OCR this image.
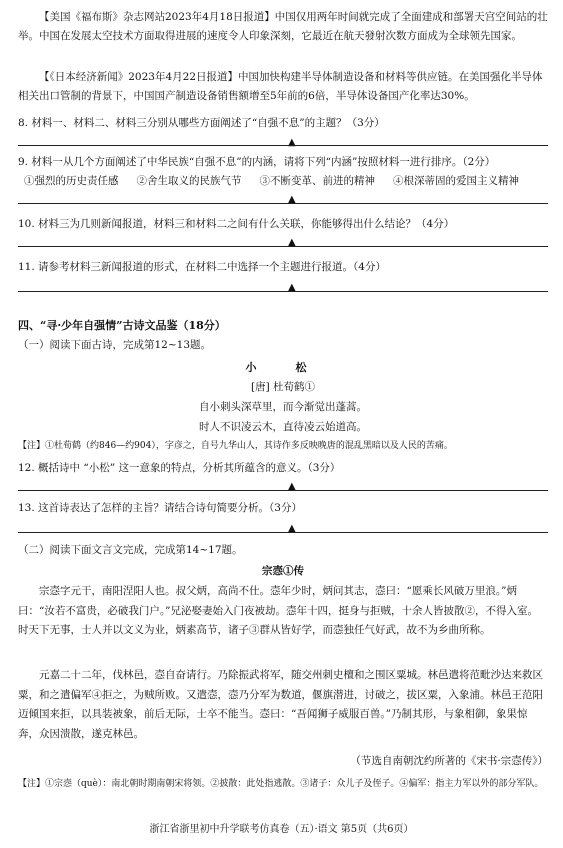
【美国《福布斯》杂志网站2023年4月18日报道】中国仅用两年时间就完成了全面建成和部署天宫空间站的壮举。中国在发展太空技术方面取得进展的速度令人印象深刻，它最近在航天發射次数方面成为全球领先国家。

【《日本经济新闻》2023年4月22日报道】中国加快构建半导体制造设备和材料等供应链。在美国强化半导体相关出口管制的背景下，中国国产制造设备销售额增至5年前的6倍，半导体设备国产化率达30%。

8. 材料一、材料二、材料三分别从哪些方面阐述了“自强不息”的主题？（3分）
▲
9. 材料一从几个方面阐述了中华民族“自强不息”的内涵，请将下列“内涵”按照材料一进行排序。（2分）
①强烈的历史责任感 ②舍生取义的民族气节 ③不断变革、前进的精神 ④根深蒂固的爱国主义精神
▲
10. 材料三为几则新闻报道，材料三和材料二之间有什么关联，你能够得出什么结论？（4分）
▲
11. 请参考材料三新闻报道的形式，在材料二中选择一个主题进行报道。（4分）
▲
四、“寻·少年自强情”古诗文品鉴（18分）
（一）阅读下面古诗，完成第12~13题。
小　松
[唐] 杜荀鹤①
自小刺头深草里，而今渐觉出蓬蒿。
时人不识凌云木，直待凌云始道高。
【注】①杜荀鹤（约846—约904），字彦之，自号九华山人，其诗作多反映晚唐的混乱黑暗以及人民的苦痛。
12. 概括诗中 “小松” 这一意象的特点，分析其所蕴含的意义。（3分）
▲
13. 这首诗表达了怎样的主旨？请结合诗句简要分析。（3分）
▲
（二）阅读下面文言文完成，完成第14~17题。
宗悫①传

宗悫字元干，南阳涅阳人也。叔父炳，高尚不仕。悫年少时，炳问其志，悫曰：“愿乘长风破万里浪。”炳曰：“汝若不富贵，必破我门户。”兄泌娶妻始入门夜被劫。悫年十四，挺身与拒贼，十余人皆披散②，不得入室。时天下无事，士人并以文义为业，炳素高节，诸子③群从皆好学，而悫独任气好武，故不为乡曲所称。

元嘉二十二年，伐林邑，悫自奋请行。乃除振武将军，随交州刺史檀和之围区粟城。林邑遣将范毗沙达来救区粟，和之遣偏军④拒之，为贼所败。又遣悫，悫乃分军为数道，偃旗潜进，讨破之，拔区粟，入象浦。林邑王范阳迈倾国来拒，以具装被象，前后无际，士卒不能当。悫曰：“吾闻狮子威服百兽。”乃制其形，与象相御，象果惊奔，众因溃散，遂克林邑。

（节选自南朝沈约所著的《宋书·宗悫传》）
【注】①宗悫（què）：南北朝时期南朝宋将领。②披散：此处指逃散。③诸子：众儿子及侄子。④偏军：指主力军以外的部分军队。
浙江省浙里初中升学联考仿真卷（五）·语文 第5页（共6页）
